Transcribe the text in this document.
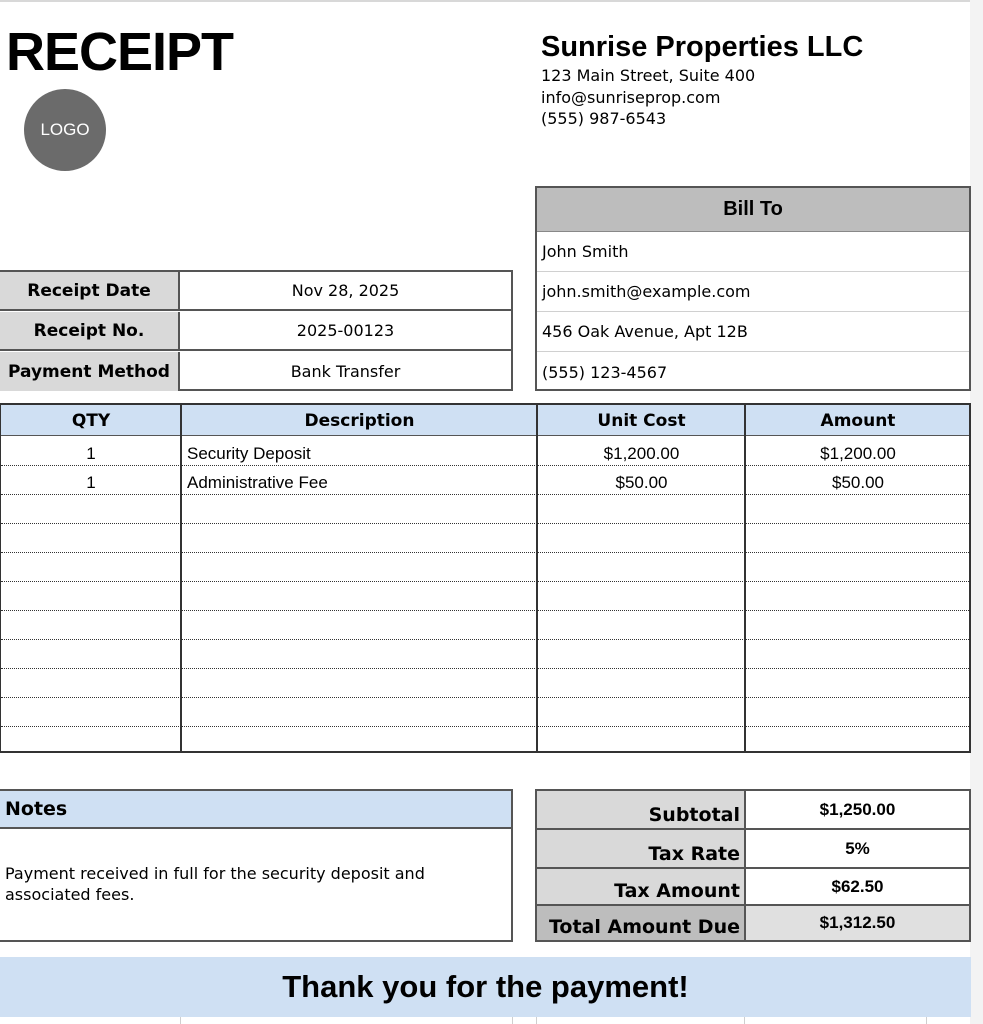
RECEIPT
LOGO
Sunrise Properties LLC
123 Main Street, Suite 400
info@sunriseprop.com
(555) 987-6543
Bill To
John Smith
john.smith@example.com
456 Oak Avenue, Apt 12B
(555) 123-4567
Receipt Date	Nov 28, 2025
Receipt No.	2025-00123
Payment Method	Bank Transfer
QTY	Description	Unit Cost	Amount
1	Security Deposit	$1,200.00	$1,200.00
1	Administrative Fee	$50.00	$50.00
Notes
Payment received in full for the security deposit and associated fees.
Subtotal	$1,250.00
Tax Rate	5%
Tax Amount	$62.50
Total Amount Due	$1,312.50
Thank you for the payment!
